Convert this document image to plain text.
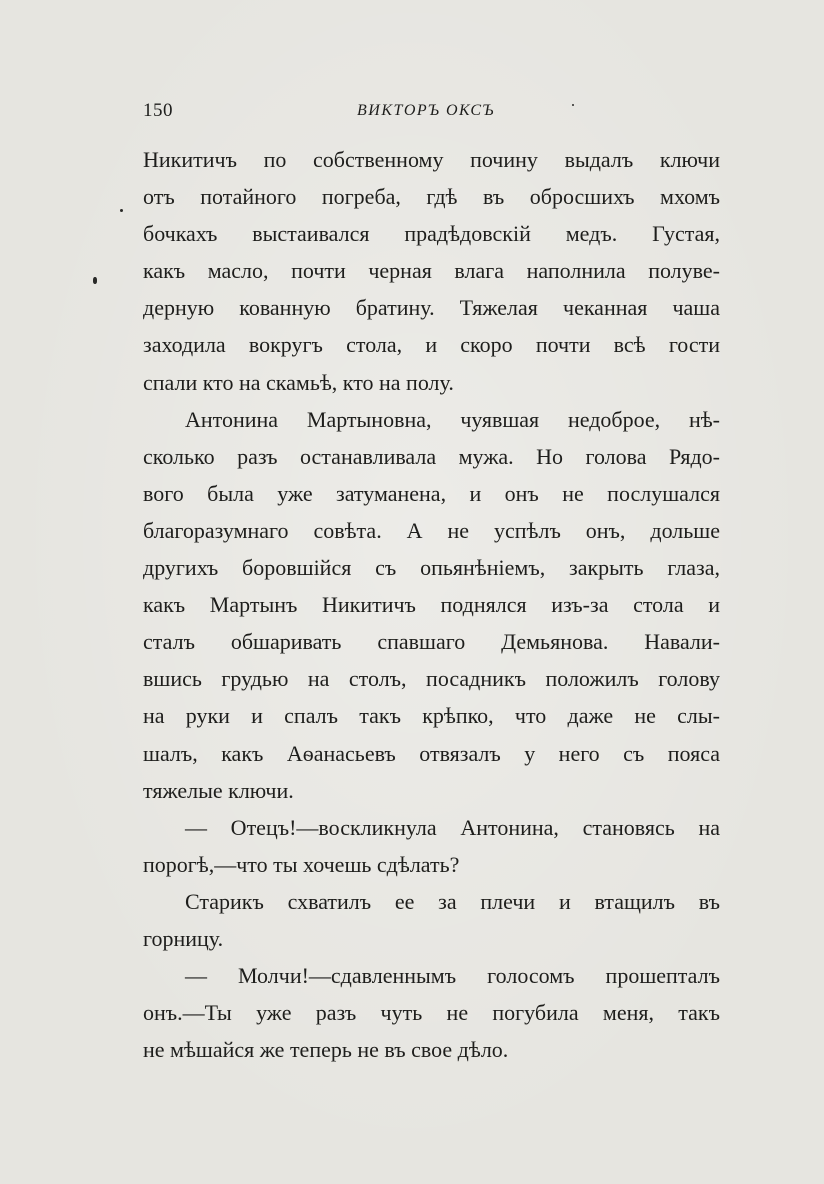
150	ВИКТОРЪ ОКСЪ
Никитичъ по собственному почину выдалъ ключи
отъ потайного погреба, гдѣ въ обросшихъ мхомъ
бочкахъ выстаивался прадѣдовскій медъ. Густая,
какъ масло, почти черная влага наполнила полуве-
дерную кованную братину. Тяжелая чеканная чаша
заходила вокругъ стола, и скоро почти всѣ гости
спали кто на скамьѣ, кто на полу.
Антонина Мартыновна, чуявшая недоброе, нѣ-
сколько разъ останавливала мужа. Но голова Рядо-
вого была уже затуманена, и онъ не послушался
благоразумнаго совѣта. А не успѣлъ онъ, дольше
другихъ боровшійся съ опьянѣніемъ, закрыть глаза,
какъ Мартынъ Никитичъ поднялся изъ-за стола и
сталъ обшаривать спавшаго Демьянова. Навали-
вшись грудью на столъ, посадникъ положилъ голову
на руки и спалъ такъ крѣпко, что даже не слы-
шалъ, какъ Аѳанасьевъ отвязалъ у него съ пояса
тяжелые ключи.
— Отецъ!—воскликнула Антонина, становясь на
порогѣ,—что ты хочешь сдѣлать?
Старикъ схватилъ ее за плечи и втащилъ въ
горницу.
— Молчи!—сдавленнымъ голосомъ прошепталъ
онъ.—Ты уже разъ чуть не погубила меня, такъ
не мѣшайся же теперь не въ свое дѣло.
